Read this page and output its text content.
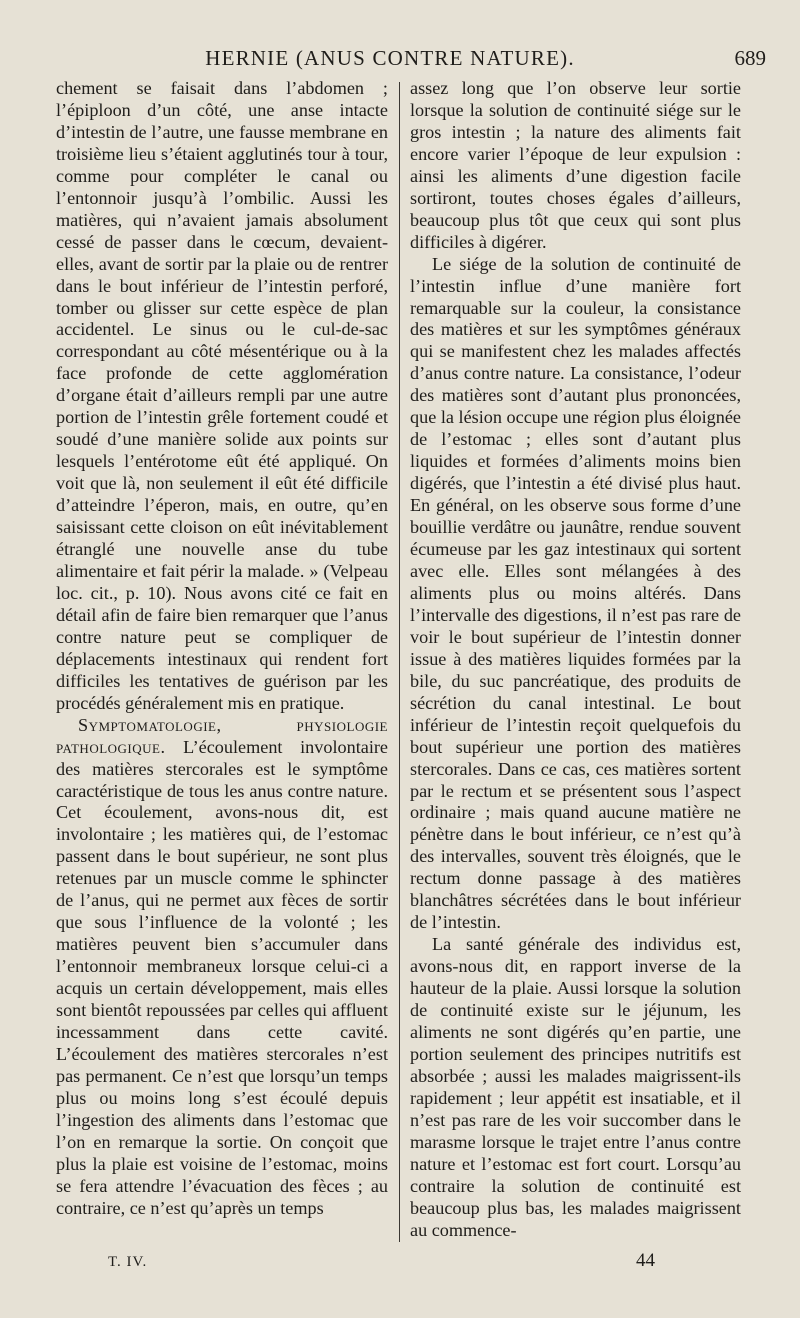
HERNIE (ANUS CONTRE NATURE).	689

chement se faisait dans l’abdomen ; l’épiploon d’un côté, une anse intacte d’intestin de l’autre, une fausse membrane en troisième lieu s’étaient agglutinés tour à tour, comme pour compléter le canal ou l’entonnoir jusqu’à l’ombilic. Aussi les matières, qui n’avaient jamais absolument cessé de passer dans le cœcum, devaient-elles, avant de sortir par la plaie ou de rentrer dans le bout inférieur de l’intestin perforé, tomber ou glisser sur cette espèce de plan accidentel. Le sinus ou le cul-de-sac correspondant au côté mésentérique ou à la face profonde de cette agglomération d’organe était d’ailleurs rempli par une autre portion de l’intestin grêle fortement coudé et soudé d’une manière solide aux points sur lesquels l’entérotome eût été appliqué. On voit que là, non seulement il eût été difficile d’atteindre l’éperon, mais, en outre, qu’en saisissant cette cloison on eût inévitablement étranglé une nouvelle anse du tube alimentaire et fait périr la malade. » (Velpeau loc. cit., p. 10). Nous avons cité ce fait en détail afin de faire bien remarquer que l’anus contre nature peut se compliquer de déplacements intestinaux qui rendent fort difficiles les tentatives de guérison par les procédés généralement mis en pratique.

Symptomatologie, physiologie pathologique. L’écoulement involontaire des matières stercorales est le symptôme caractéristique de tous les anus contre nature. Cet écoulement, avons-nous dit, est involontaire ; les matières qui, de l’estomac passent dans le bout supérieur, ne sont plus retenues par un muscle comme le sphincter de l’anus, qui ne permet aux fèces de sortir que sous l’influence de la volonté ; les matières peuvent bien s’accumuler dans l’entonnoir membraneux lorsque celui-ci a acquis un certain développement, mais elles sont bientôt repoussées par celles qui affluent incessamment dans cette cavité. L’écoulement des matières stercorales n’est pas permanent. Ce n’est que lorsqu’un temps plus ou moins long s’est écoulé depuis l’ingestion des aliments dans l’estomac que l’on en remarque la sortie. On conçoit que plus la plaie est voisine de l’estomac, moins se fera attendre l’évacuation des fèces ; au contraire, ce n’est qu’après un temps

assez long que l’on observe leur sortie lorsque la solution de continuité siége sur le gros intestin ; la nature des aliments fait encore varier l’époque de leur expulsion : ainsi les aliments d’une digestion facile sortiront, toutes choses égales d’ailleurs, beaucoup plus tôt que ceux qui sont plus difficiles à digérer.

Le siége de la solution de continuité de l’intestin influe d’une manière fort remarquable sur la couleur, la consistance des matières et sur les symptômes généraux qui se manifestent chez les malades affectés d’anus contre nature. La consistance, l’odeur des matières sont d’autant plus prononcées, que la lésion occupe une région plus éloignée de l’estomac ; elles sont d’autant plus liquides et formées d’aliments moins bien digérés, que l’intestin a été divisé plus haut. En général, on les observe sous forme d’une bouillie verdâtre ou jaunâtre, rendue souvent écumeuse par les gaz intestinaux qui sortent avec elle. Elles sont mélangées à des aliments plus ou moins altérés. Dans l’intervalle des digestions, il n’est pas rare de voir le bout supérieur de l’intestin donner issue à des matières liquides formées par la bile, du suc pancréatique, des produits de sécrétion du canal intestinal. Le bout inférieur de l’intestin reçoit quelquefois du bout supérieur une portion des matières stercorales. Dans ce cas, ces matières sortent par le rectum et se présentent sous l’aspect ordinaire ; mais quand aucune matière ne pénètre dans le bout inférieur, ce n’est qu’à des intervalles, souvent très éloignés, que le rectum donne passage à des matières blanchâtres sécrétées dans le bout inférieur de l’intestin.

La santé générale des individus est, avons-nous dit, en rapport inverse de la hauteur de la plaie. Aussi lorsque la solution de continuité existe sur le jéjunum, les aliments ne sont digérés qu’en partie, une portion seulement des principes nutritifs est absorbée ; aussi les malades maigrissent-ils rapidement ; leur appétit est insatiable, et il n’est pas rare de les voir succomber dans le marasme lorsque le trajet entre l’anus contre nature et l’estomac est fort court. Lorsqu’au contraire la solution de continuité est beaucoup plus bas, les malades maigrissent au commence-

T. IV.	44
